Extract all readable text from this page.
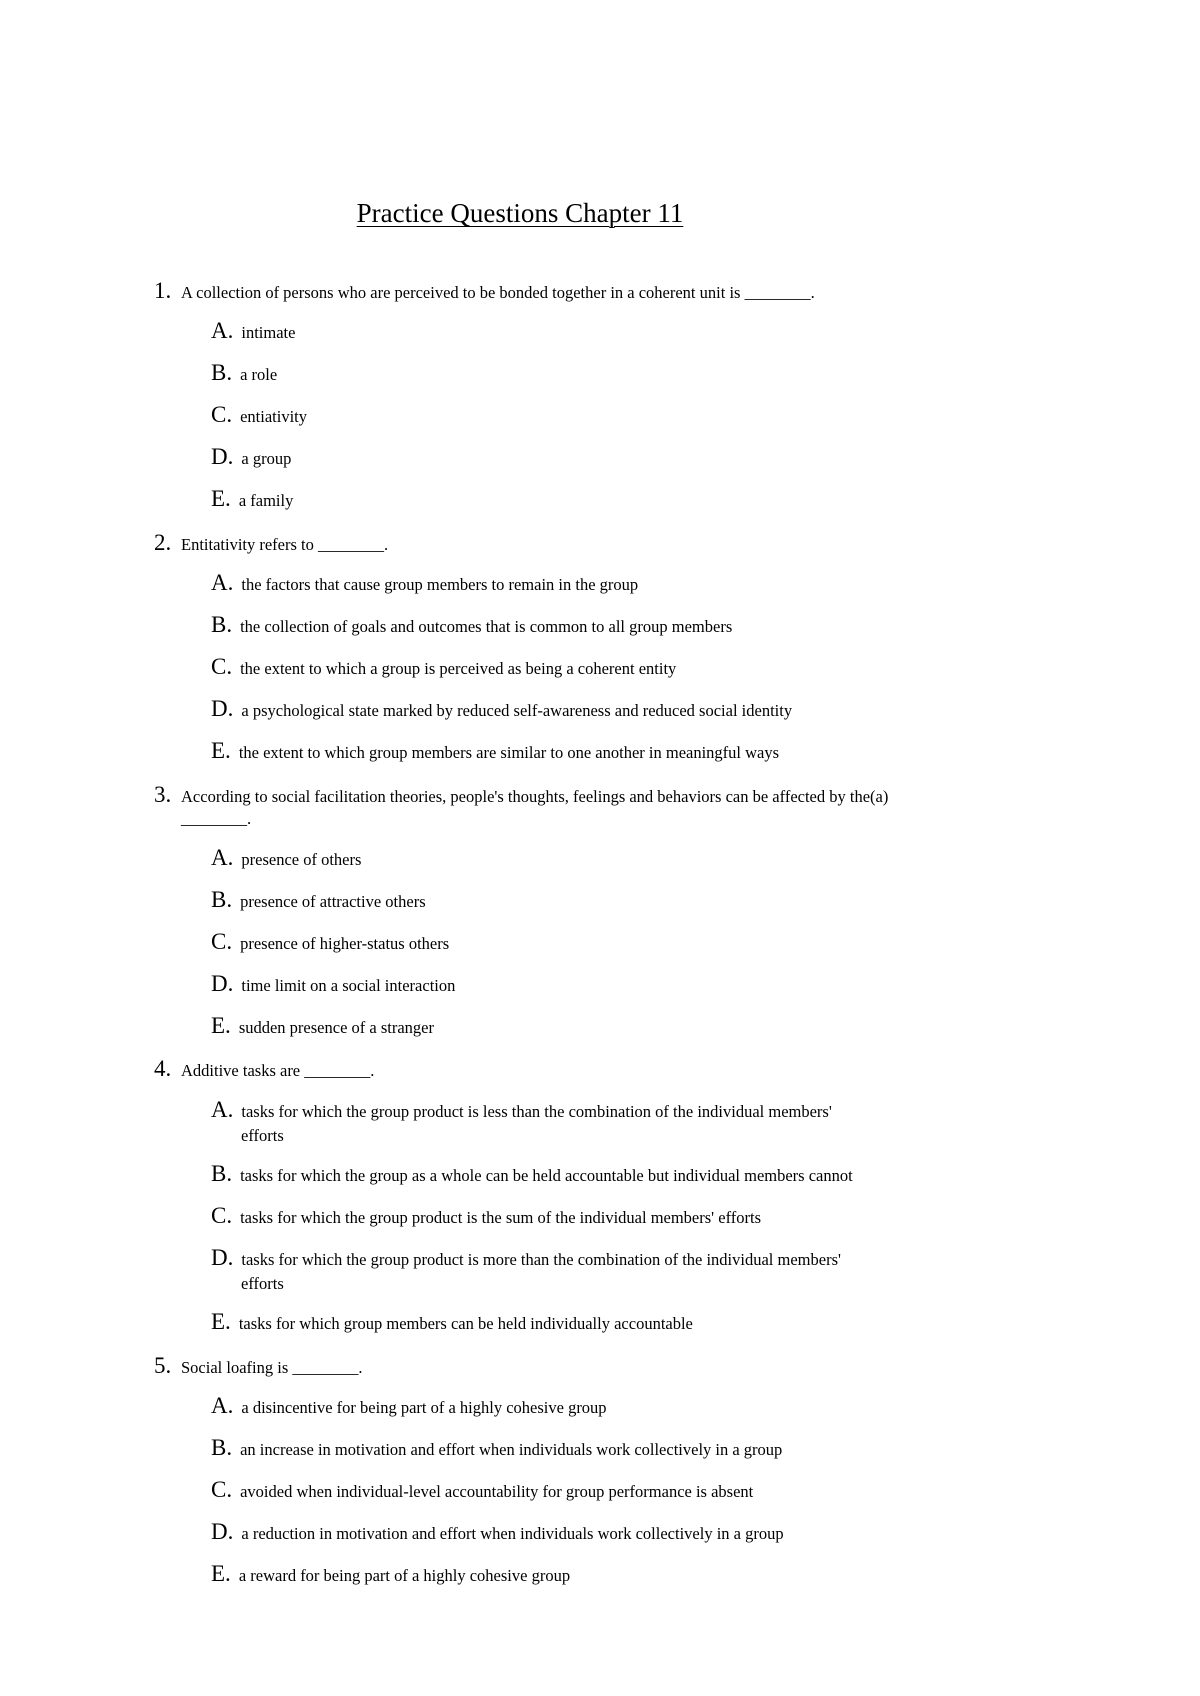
Practice Questions Chapter 11
1. A collection of persons who are perceived to be bonded together in a coherent unit is ________.
A. intimate
B. a role
C. entiativity
D. a group
E. a family
2. Entitativity refers to ________.
A. the factors that cause group members to remain in the group
B. the collection of goals and outcomes that is common to all group members
C. the extent to which a group is perceived as being a coherent entity
D. a psychological state marked by reduced self-awareness and reduced social identity
E. the extent to which group members are similar to one another in meaningful ways
3. According to social facilitation theories, people's thoughts, feelings and behaviors can be affected by the(a) ________.
A. presence of others
B. presence of attractive others
C. presence of higher-status others
D. time limit on a social interaction
E. sudden presence of a stranger
4. Additive tasks are ________.
A. tasks for which the group product is less than the combination of the individual members'
efforts
B. tasks for which the group as a whole can be held accountable but individual members cannot
C. tasks for which the group product is the sum of the individual members' efforts
D. tasks for which the group product is more than the combination of the individual members'
efforts
E. tasks for which group members can be held individually accountable
5. Social loafing is ________.
A. a disincentive for being part of a highly cohesive group
B. an increase in motivation and effort when individuals work collectively in a group
C. avoided when individual-level accountability for group performance is absent
D. a reduction in motivation and effort when individuals work collectively in a group
E. a reward for being part of a highly cohesive group
